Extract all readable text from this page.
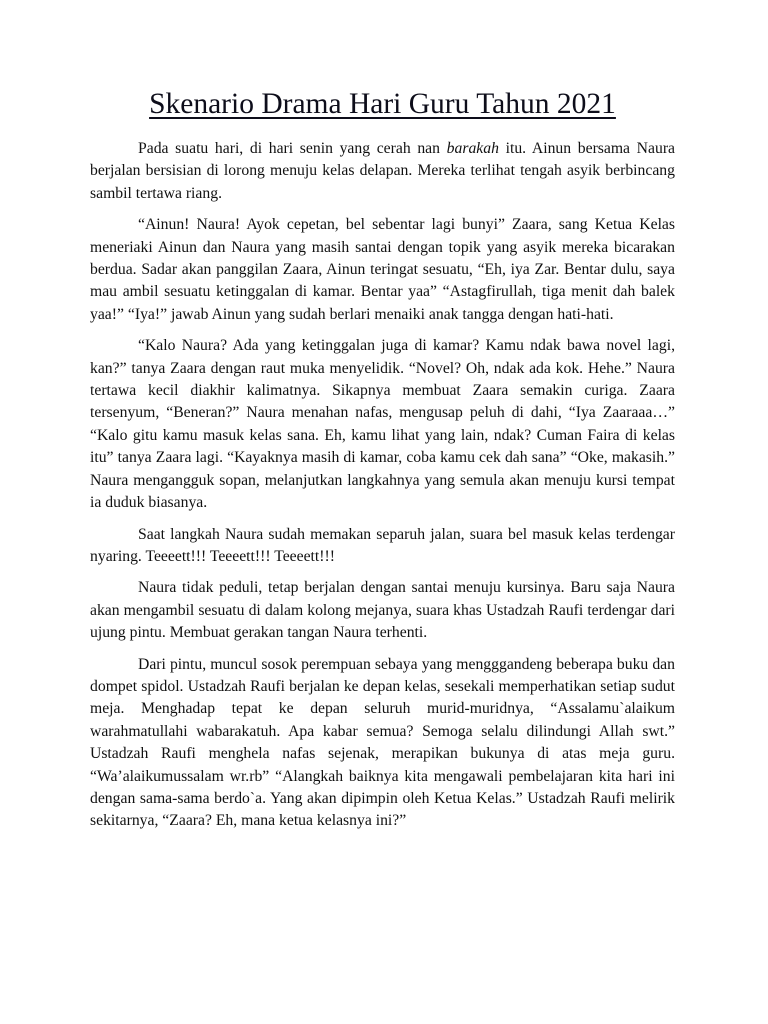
Skenario Drama Hari Guru Tahun 2021

Pada suatu hari, di hari senin yang cerah nan barakah itu. Ainun bersama Naura berjalan bersisian di lorong menuju kelas delapan. Mereka terlihat tengah asyik berbincang sambil tertawa riang.

“Ainun! Naura! Ayok cepetan, bel sebentar lagi bunyi” Zaara, sang Ketua Kelas meneriaki Ainun dan Naura yang masih santai dengan topik yang asyik mereka bicarakan berdua. Sadar akan panggilan Zaara, Ainun teringat sesuatu, “Eh, iya Zar. Bentar dulu, saya mau ambil sesuatu ketinggalan di kamar. Bentar yaa” “Astagfirullah, tiga menit dah balek yaa!” “Iya!” jawab Ainun yang sudah berlari menaiki anak tangga dengan hati-hati.

“Kalo Naura? Ada yang ketinggalan juga di kamar? Kamu ndak bawa novel lagi, kan?” tanya Zaara dengan raut muka menyelidik. “Novel? Oh, ndak ada kok. Hehe.” Naura tertawa kecil diakhir kalimatnya. Sikapnya membuat Zaara semakin curiga. Zaara tersenyum, “Beneran?” Naura menahan nafas, mengusap peluh di dahi, “Iya Zaaraaa…” “Kalo gitu kamu masuk kelas sana. Eh, kamu lihat yang lain, ndak? Cuman Faira di kelas itu” tanya Zaara lagi. “Kayaknya masih di kamar, coba kamu cek dah sana” “Oke, makasih.” Naura mengangguk sopan, melanjutkan langkahnya yang semula akan menuju kursi tempat ia duduk biasanya.

Saat langkah Naura sudah memakan separuh jalan, suara bel masuk kelas terdengar nyaring. Teeeett!!! Teeeett!!! Teeeett!!!

Naura tidak peduli, tetap berjalan dengan santai menuju kursinya. Baru saja Naura akan mengambil sesuatu di dalam kolong mejanya, suara khas Ustadzah Raufi terdengar dari ujung pintu. Membuat gerakan tangan Naura terhenti.

Dari pintu, muncul sosok perempuan sebaya yang mengggandeng beberapa buku dan dompet spidol. Ustadzah Raufi berjalan ke depan kelas, sesekali memperhatikan setiap sudut meja. Menghadap tepat ke depan seluruh murid-muridnya, “Assalamu`alaikum warahmatullahi wabarakatuh. Apa kabar semua? Semoga selalu dilindungi Allah swt.” Ustadzah Raufi menghela nafas sejenak, merapikan bukunya di atas meja guru. “Wa’alaikumussalam wr.rb” “Alangkah baiknya kita mengawali pembelajaran kita hari ini dengan sama-sama berdo`a. Yang akan dipimpin oleh Ketua Kelas.” Ustadzah Raufi melirik sekitarnya, “Zaara? Eh, mana ketua kelasnya ini?”
